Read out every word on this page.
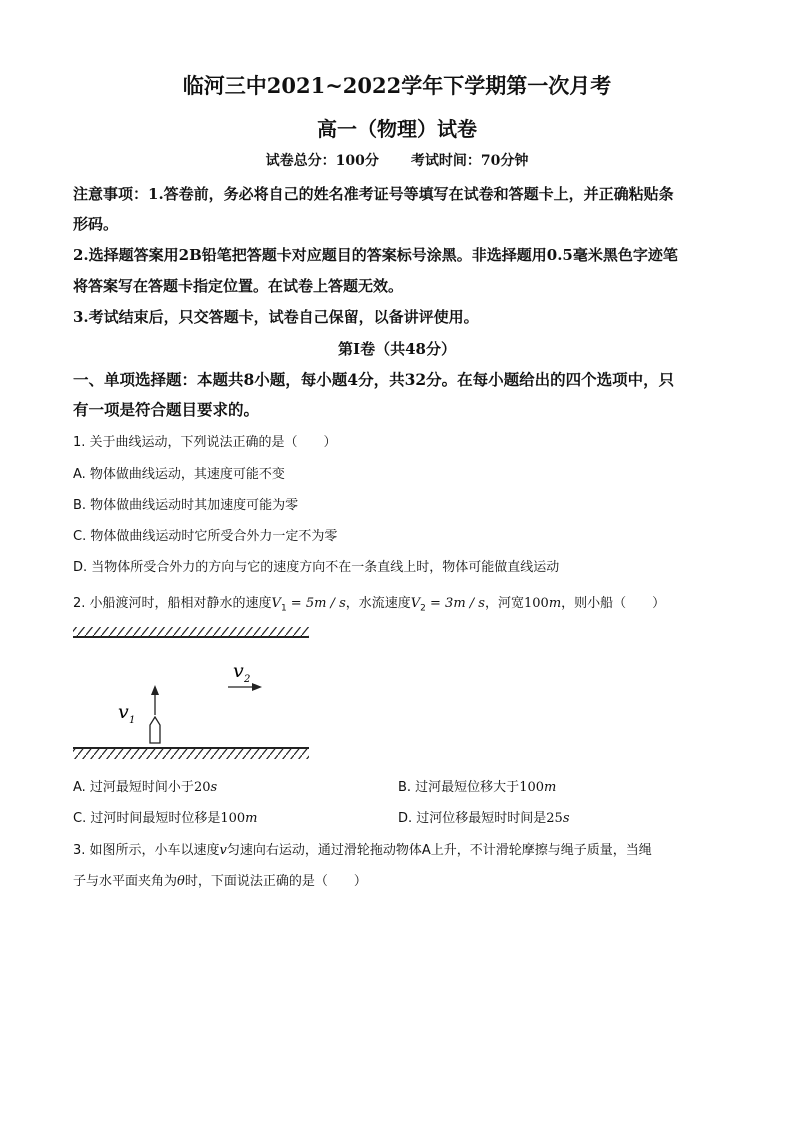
临河三中2021~2022学年下学期第一次月考
高一（物理）试卷
试卷总分：100分 考试时间：70分钟
注意事项：1.答卷前，务必将自己的姓名准考证号等填写在试卷和答题卡上，并正确粘贴条
形码。
2.选择题答案用2B铅笔把答题卡对应题目的答案标号涂黑。非选择题用0.5毫米黑色字迹笔
将答案写在答题卡指定位置。在试卷上答题无效。
3.考试结束后，只交答题卡，试卷自己保留，以备讲评使用。
第I卷（共48分）
一、单项选择题：本题共8小题，每小题4分，共32分。在每小题给出的四个选项中，只
有一项是符合题目要求的。
1. 关于曲线运动，下列说法正确的是（　　）
A. 物体做曲线运动，其速度可能不变
B. 物体做曲线运动时其加速度可能为零
C. 物体做曲线运动时它所受合外力一定不为零
D. 当物体所受合外力的方向与它的速度方向不在一条直线上时，物体可能做直线运动
2. 小船渡河时，船相对静水的速度$V_1 = 5m / s$，水流速度$V_2 = 3m / s$，河宽100m，则小船（　　）
v 1
v 2
A. 过河最短时间小于20s	B. 过河最短位移大于100m
C. 过河时间最短时位移是100m	D. 过河位移最短时时间是25s
3. 如图所示，小车以速度v匀速向右运动，通过滑轮拖动物体A上升，不计滑轮摩擦与绳子质量，当绳
子与水平面夹角为θ时，下面说法正确的是（　　）
